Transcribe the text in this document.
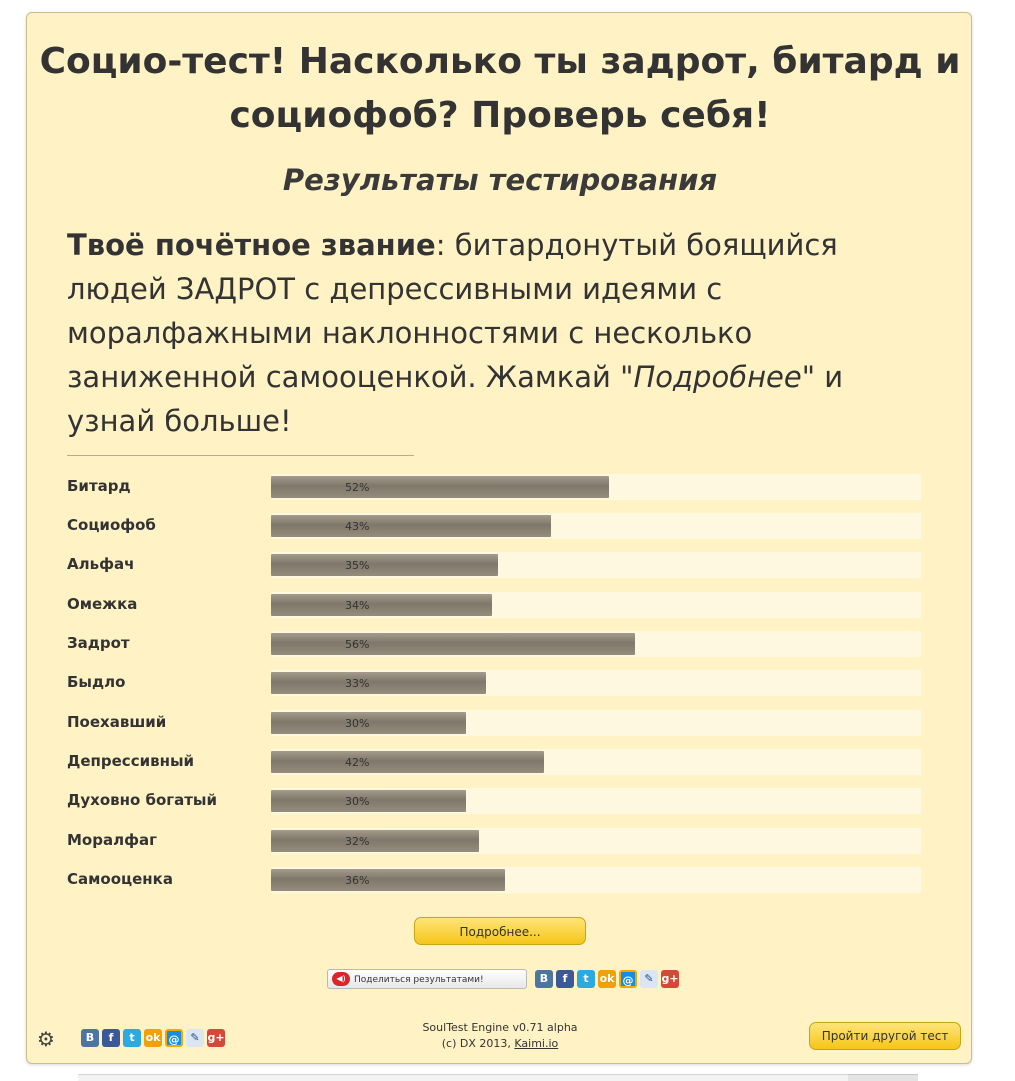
Социо-тест! Насколько ты задрот, битард и социофоб? Проверь себя!
Результаты тестирования

Твоё почётное звание: битардонутый боящийся людей ЗАДРОТ с депрессивными идеями с моралфажными наклонностями с несколько заниженной самооценкой. Жамкай "Подробнее" и узнай больше!

Битард	52%
Социофоб	43%
Альфач	35%
Омежка	34%
Задрот	56%
Быдло	33%
Поехавший	30%
Депрессивный	42%
Духовно богатый	30%
Моралфаг	32%
Самооценка	36%
Подробнее...
◀) Поделиться результатами!	В	f	t ok @ ✎ g+
⚙	В	f	t ok @ ✎ g+
SoulTest Engine v0.71 alpha
(c) DX 2013, Kaimi.io
Пройти другой тест
